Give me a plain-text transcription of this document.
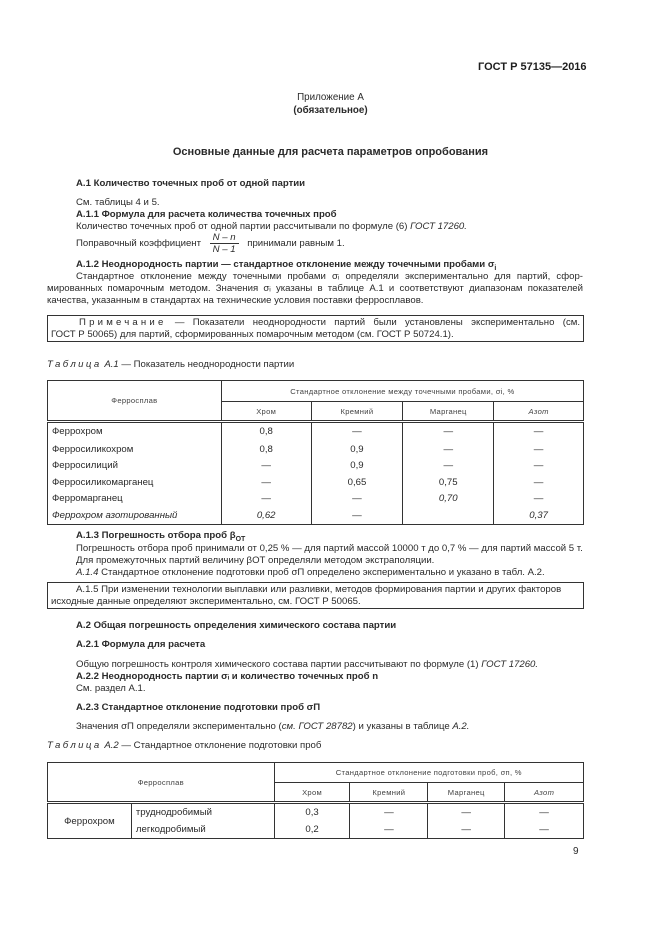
ГОСТ Р 57135—2016
Приложение А
(обязательное)
Основные данные для расчета параметров опробования
А.1 Количество точечных проб от одной партии
См. таблицы 4 и 5.
А.1.1 Формула для расчета количества точечных проб
Количество точечных проб от одной партии рассчитывали по формуле (6) ГОСТ 17260.
Поправочный коэффициент $\frac{N - n}{N - 1}$ принимали равным 1.
А.1.2 Неоднородность партии — стандартное отклонение между точечными пробами $\sigma_i$
Стандартное отклонение между точечными пробами σᵢ определяли экспериментально для партий, сфор-
мированных помарочным методом. Значения σᵢ указаны в таблице А.1 и соответствуют диапазонам показателей
качества, указанным в стандартах на технические условия поставки ферросплавов.
Примечание — Показатели неоднородности партий были установлены экспериментально (см.
ГОСТ Р 50065) для партий, сформированных помарочным методом (см. ГОСТ Р 50724.1).
Таблица А.1 — Показатель неоднородности партии
Ферросплав	Стандартное отклонение между точечными пробами, σi, %			
	Хром	Кремний	Марганец	Азот
Феррохром	0,8	—	—	—
Ферросиликохром	0,8	0,9	—	—
Ферросилиций	—	0,9	—	—
Ферросиликомарганец	—	0,65	0,75	—
Ферромарганец	—	—	0,70	—
Феррохром азотированный	0,62	—		0,37
А.1.3 Погрешность отбора проб $\beta_{ОТ}$
Погрешность отбора проб принимали от 0,25 % — для партий массой 10000 т до 0,7 % — для партий массой 5 т.
Для промежуточных партий величину βОТ определяли методом экстраполяции.
А.1.4 Стандартное отклонение подготовки проб σП определено экспериментально и указано в табл. А.2.
А.1.5 При изменении технологии выплавки или разливки, методов формирования партии и других факторов
исходные данные определяют экспериментально, см. ГОСТ Р 50065.
А.2 Общая погрешность определения химического состава партии
А.2.1 Формула для расчета
Общую погрешность контроля химического состава партии рассчитывают по формуле (1) ГОСТ 17260.
А.2.2 Неоднородность партии σᵢ и количество точечных проб n
См. раздел А.1.
А.2.3 Стандартное отклонение подготовки проб σП
Значения σП определяли экспериментально (см. ГОСТ 28782) и указаны в таблице А.2.
Таблица А.2 — Стандартное отклонение подготовки проб
Ферросплав		Стандартное отклонение подготовки проб, σп, %			
		Хром	Кремний	Марганец	Азот
Феррохром	труднодробимый	0,3	—	—	—
	легкодробимый	0,2	—	—	—
9
